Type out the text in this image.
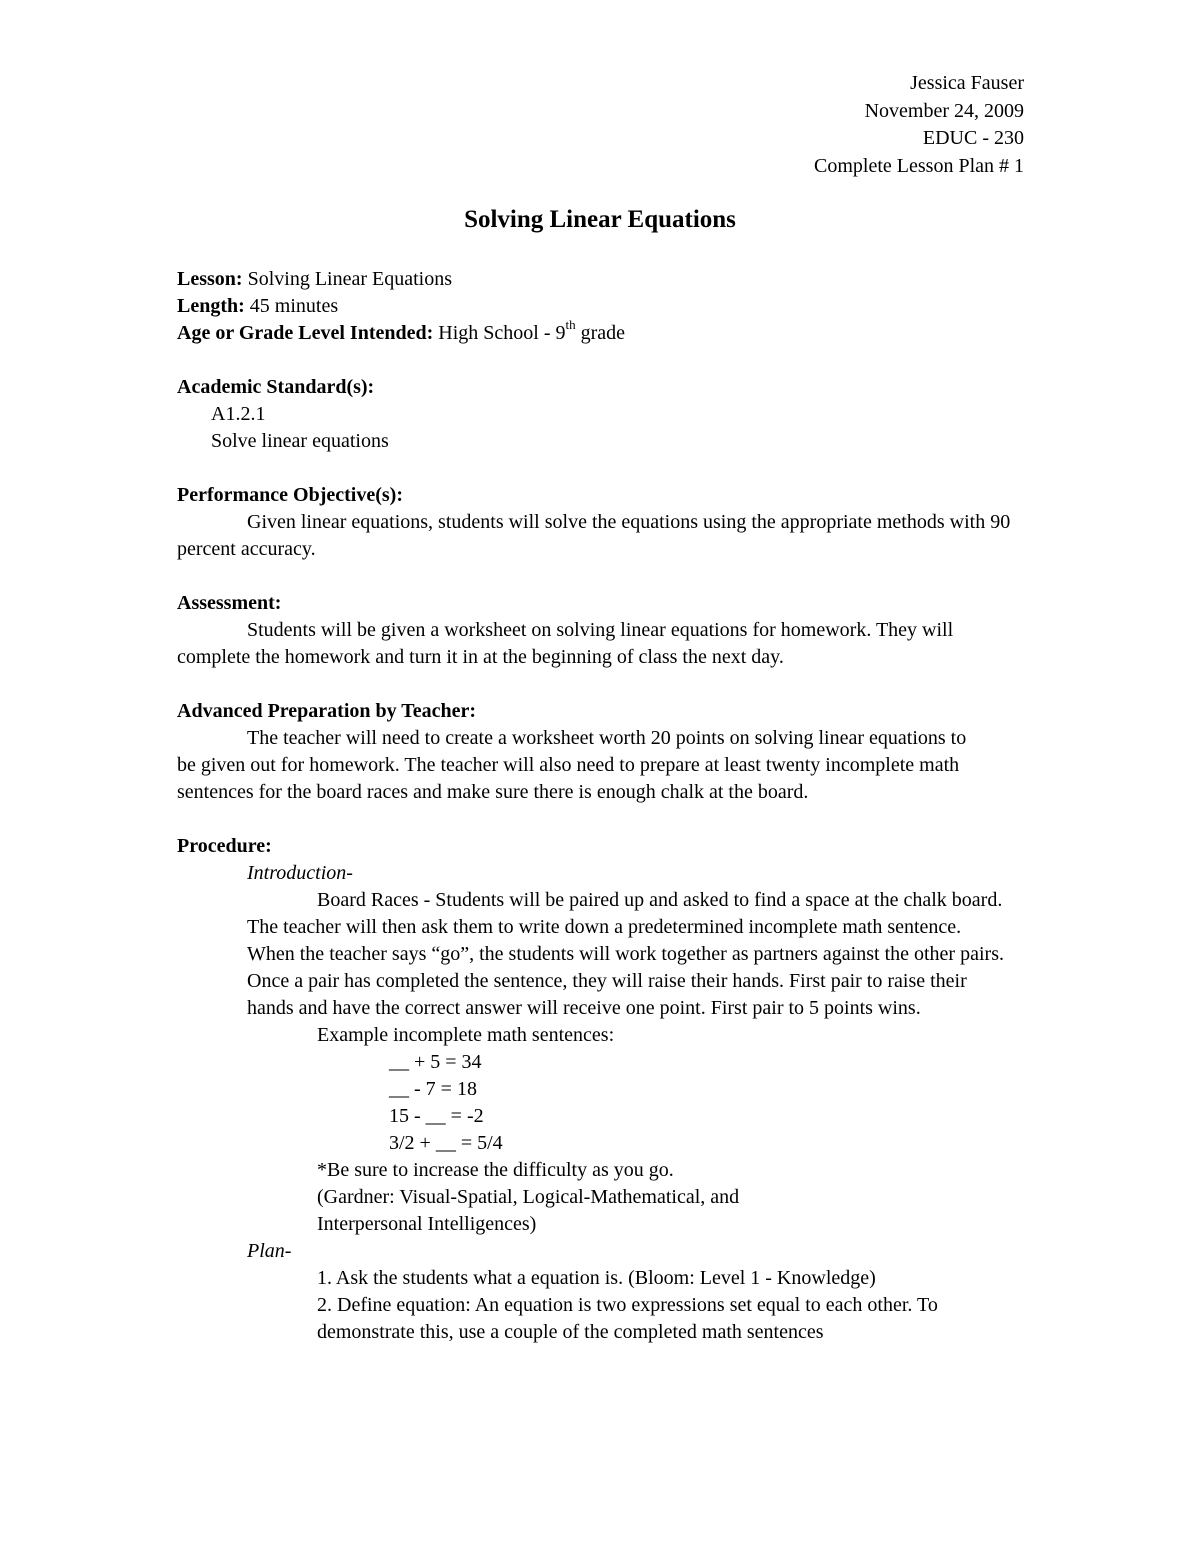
Jessica Fauser
November 24, 2009
EDUC - 230
Complete Lesson Plan # 1
Solving Linear Equations
Lesson: Solving Linear Equations
Length: 45 minutes
Age or Grade Level Intended: High School - 9th grade
Academic Standard(s):
A1.2.1
Solve linear equations
Performance Objective(s):
Given linear equations, students will solve the equations using the appropriate methods with 90 percent accuracy.
Assessment:
Students will be given a worksheet on solving linear equations for homework. They will complete the homework and turn it in at the beginning of class the next day.
Advanced Preparation by Teacher:
The teacher will need to create a worksheet worth 20 points on solving linear equations to be given out for homework. The teacher will also need to prepare at least twenty incomplete math sentences for the board races and make sure there is enough chalk at the board.
Procedure:
Introduction-
Board Races - Students will be paired up and asked to find a space at the chalk board. The teacher will then ask them to write down a predetermined incomplete math sentence. When the teacher says “go”, the students will work together as partners against the other pairs. Once a pair has completed the sentence, they will raise their hands. First pair to raise their hands and have the correct answer will receive one point. First pair to 5 points wins.
Example incomplete math sentences:
__ + 5 = 34
__ - 7 = 18
15 - __ = -2
3/2 + __ = 5/4
*Be sure to increase the difficulty as you go.
(Gardner: Visual-Spatial, Logical-Mathematical, and
Interpersonal Intelligences)
Plan-
1. Ask the students what a equation is. (Bloom: Level 1 - Knowledge)
2. Define equation: An equation is two expressions set equal to each other. To demonstrate this, use a couple of the completed math sentences
